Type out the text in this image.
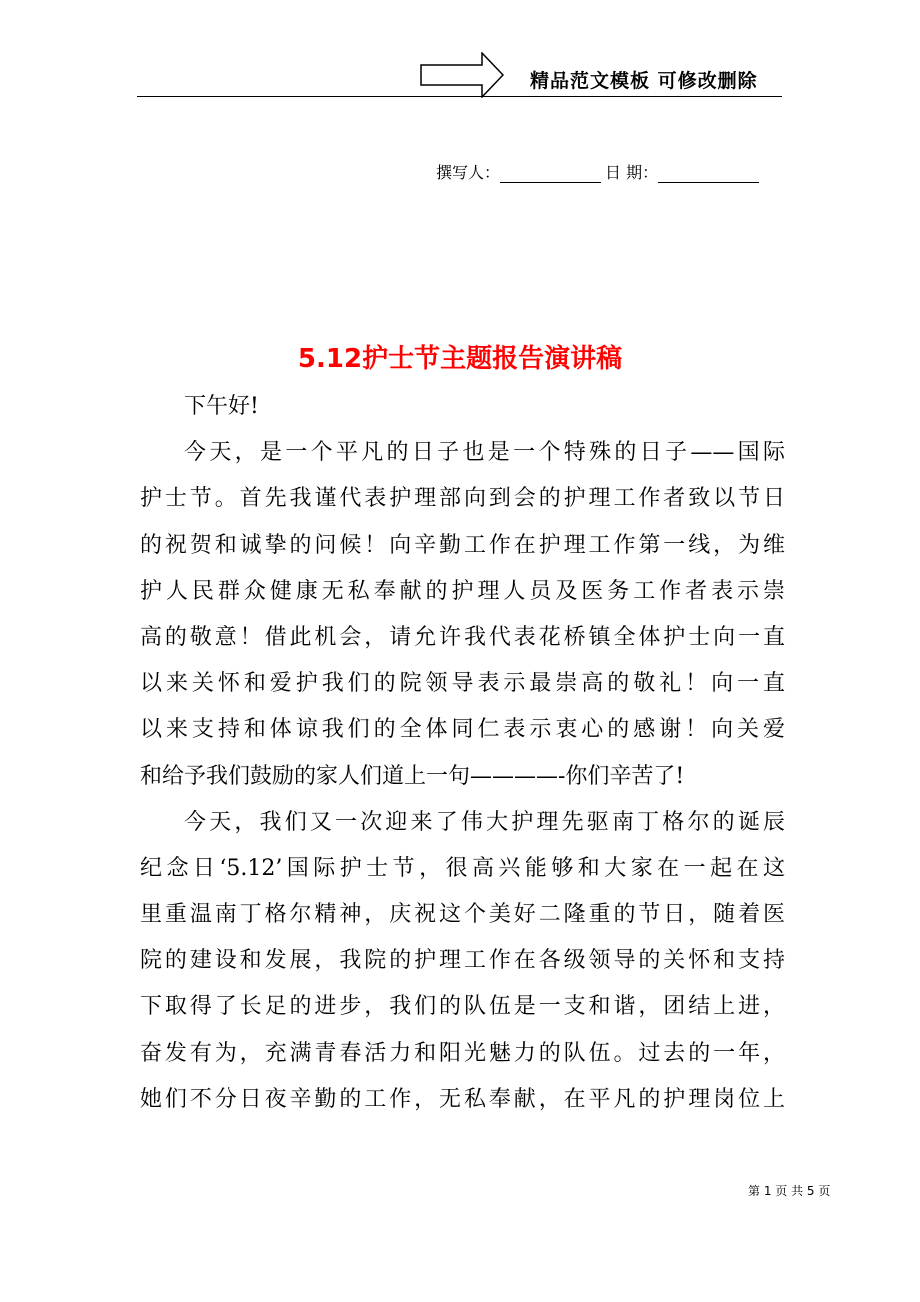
精品范文模板 可修改删除
撰写人：	日 期：
5.12护士节主题报告演讲稿
下午好!
今天，是一个平凡的日子也是一个特殊的日子——国际
护士节。首先我谨代表护理部向到会的护理工作者致以节日
的祝贺和诚挚的问候！向辛勤工作在护理工作第一线，为维
护人民群众健康无私奉献的护理人员及医务工作者表示崇
高的敬意！借此机会，请允许我代表花桥镇全体护士向一直
以来关怀和爱护我们的院领导表示最崇高的敬礼！向一直
以来支持和体谅我们的全体同仁表示衷心的感谢！向关爱
和给予我们鼓励的家人们道上一句————-你们辛苦了!
今天，我们又一次迎来了伟大护理先驱南丁格尔的诞辰
纪念日‘5.12’国际护士节，很高兴能够和大家在一起在这
里重温南丁格尔精神，庆祝这个美好二隆重的节日，随着医
院的建设和发展，我院的护理工作在各级领导的关怀和支持
下取得了长足的进步，我们的队伍是一支和谐，团结上进，
奋发有为，充满青春活力和阳光魅力的队伍。过去的一年，
她们不分日夜辛勤的工作，无私奉献，在平凡的护理岗位上
第 1 页 共 5 页
